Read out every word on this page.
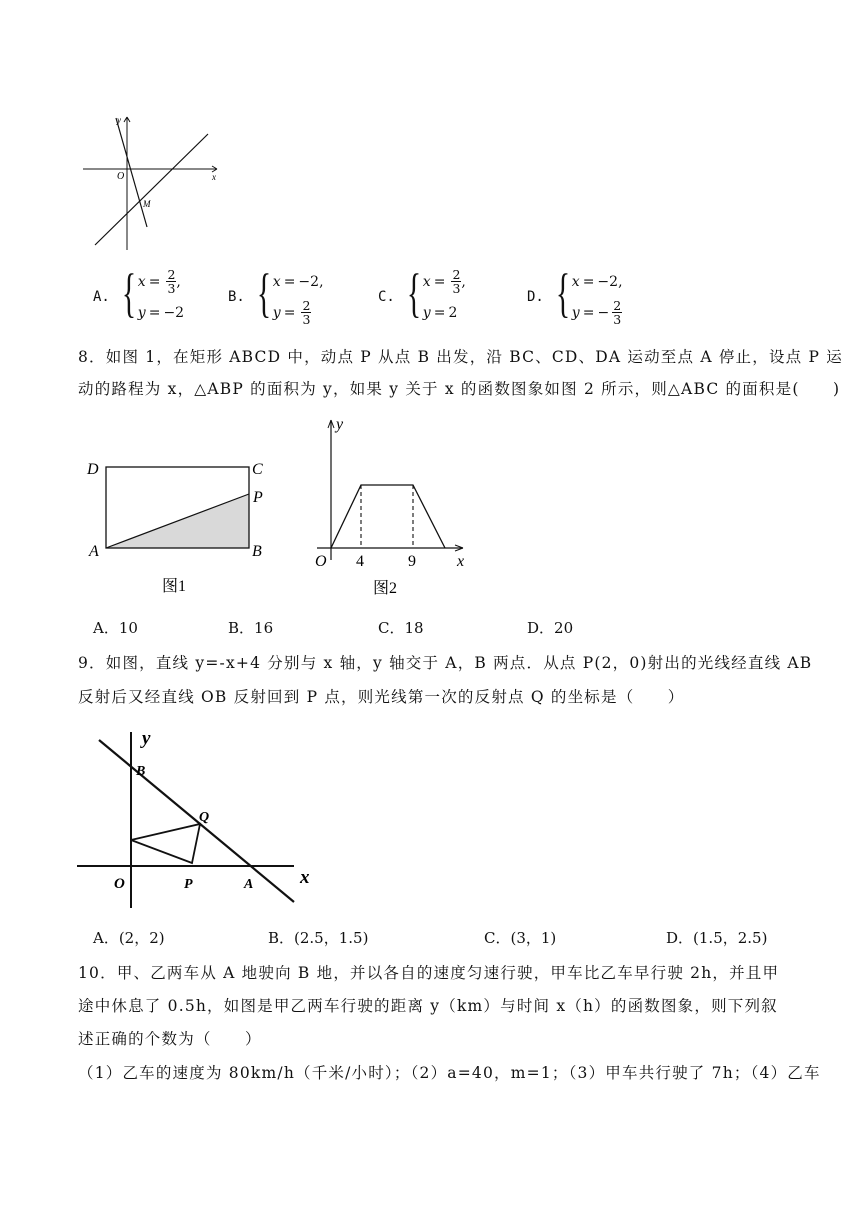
y
x
O
M
A. { $x = \frac{2}{3}$ ,
y = −2
B. { x = −2 ,
$y = \frac{2}{3}$
C. { $x = \frac{2}{3}$ ,
y = 2
D. { x = −2 ,
y = − $\frac{2}{3}$
8．如图 1，在矩形 ABCD 中，动点 P 从点 B 出发，沿 BC、CD、DA 运动至点 A 停止，设点 P 运
动的路程为 x，△ABP 的面积为 y，如果 y 关于 x 的函数图象如图 2 所示，则△ABC 的面积是(　　)
D	C
P
A	B
图1
y
x
O 4	9
图2
A．10	B．16	C．18	D．20
9．如图，直线 y=-x+4 分别与 x 轴，y 轴交于 A，B 两点．从点 P(2，0)射出的光线经直线 AB
反射后又经直线 OB 反射回到 P 点，则光线第一次的反射点 Q 的坐标是（　　）
y
x
O
B
Q
P	A
A．(2，2)	B．(2.5，1.5)	C．(3，1)	D．(1.5，2.5)
10．甲、乙两车从 A 地驶向 B 地，并以各自的速度匀速行驶，甲车比乙车早行驶 2h，并且甲
途中休息了 0.5h，如图是甲乙两车行驶的距离 y（km）与时间 x（h）的函数图象，则下列叙
述正确的个数为（　　）
（1）乙车的速度为 80km/h（千米/小时）；（2）a=40，m=1；（3）甲车共行驶了 7h；（4）乙车
